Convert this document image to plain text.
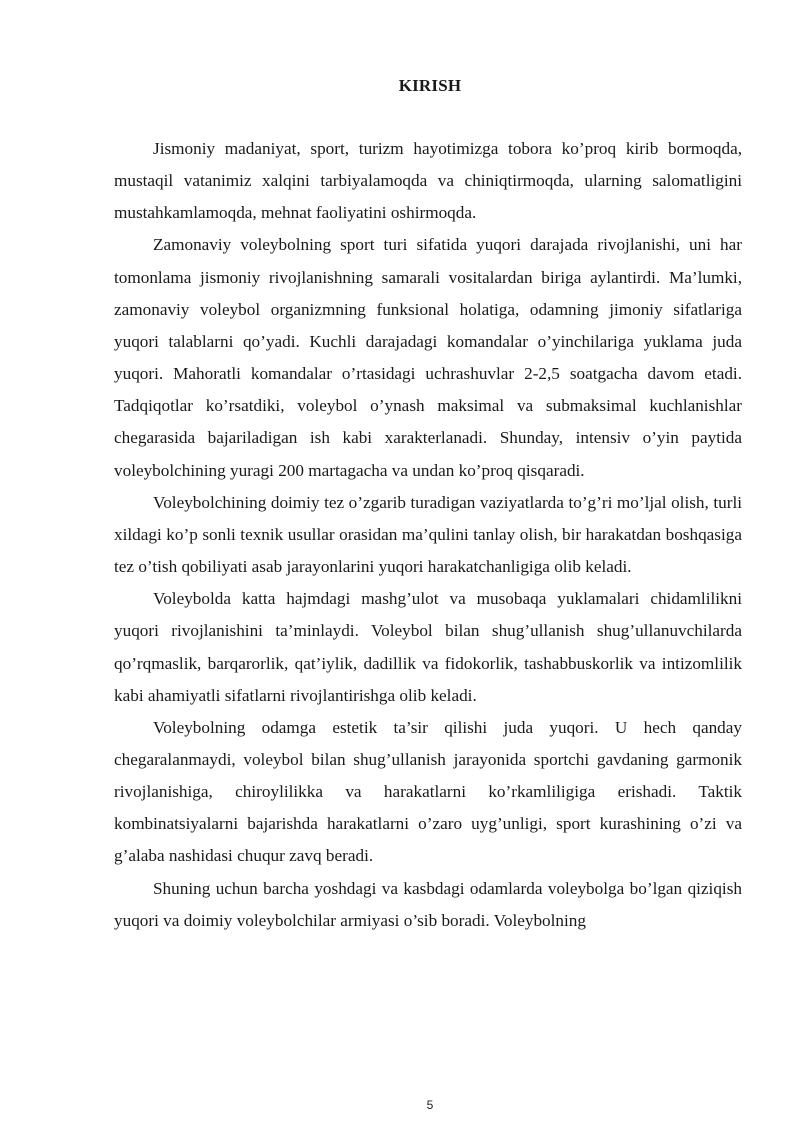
KIRISH

Jismoniy madaniyat, sport, turizm hayotimizga tobora ko’proq kirib bormoqda, mustaqil vatanimiz xalqini tarbiyalamoqda va chiniqtirmoqda, ularning salomatligini mustahkamlamoqda, mehnat faoliyatini oshirmoqda.

Zamonaviy voleybolning sport turi sifatida yuqori darajada rivojlanishi, uni har tomonlama jismoniy rivojlanishning samarali vositalardan biriga aylantirdi. Ma’lumki, zamonaviy voleybol organizmning funksional holatiga, odamning jimoniy sifatlariga yuqori talablarni qo’yadi. Kuchli darajadagi komandalar o’yinchilariga yuklama juda yuqori. Mahoratli komandalar o’rtasidagi uchrashuvlar 2-2,5 soatgacha davom etadi. Tadqiqotlar ko’rsatdiki, voleybol o’ynash maksimal va submaksimal kuchlanishlar chegarasida bajariladigan ish kabi xarakterlanadi. Shunday, intensiv o’yin paytida voleybolchining yuragi 200 martagacha va undan ko’proq qisqaradi.

Voleybolchining doimiy tez o’zgarib turadigan vaziyatlarda to’g’ri mo’ljal olish, turli xildagi ko’p sonli texnik usullar orasidan ma’qulini tanlay olish, bir harakatdan boshqasiga tez o’tish qobiliyati asab jarayonlarini yuqori harakatchanligiga olib keladi.

Voleybolda katta hajmdagi mashg’ulot va musobaqa yuklamalari chidamlilikni yuqori rivojlanishini ta’minlaydi. Voleybol bilan shug’ullanish shug’ullanuvchilarda qo’rqmaslik, barqarorlik, qat’iylik, dadillik va fidokorlik, tashabbuskorlik va intizomlilik kabi ahamiyatli sifatlarni rivojlantirishga olib keladi.

Voleybolning odamga estetik ta’sir qilishi juda yuqori. U hech qanday chegaralanmaydi, voleybol bilan shug’ullanish jarayonida sportchi gavdaning garmonik rivojlanishiga, chiroylilikka va harakatlarni ko’rkamliligiga erishadi. Taktik kombinatsiyalarni bajarishda harakatlarni o’zaro uyg’unligi, sport kurashining o’zi va g’alaba nashidasi chuqur zavq beradi.

Shuning uchun barcha yoshdagi va kasbdagi odamlarda voleybolga bo’lgan qiziqish yuqori va doimiy voleybolchilar armiyasi o’sib boradi. Voleybolning

5
